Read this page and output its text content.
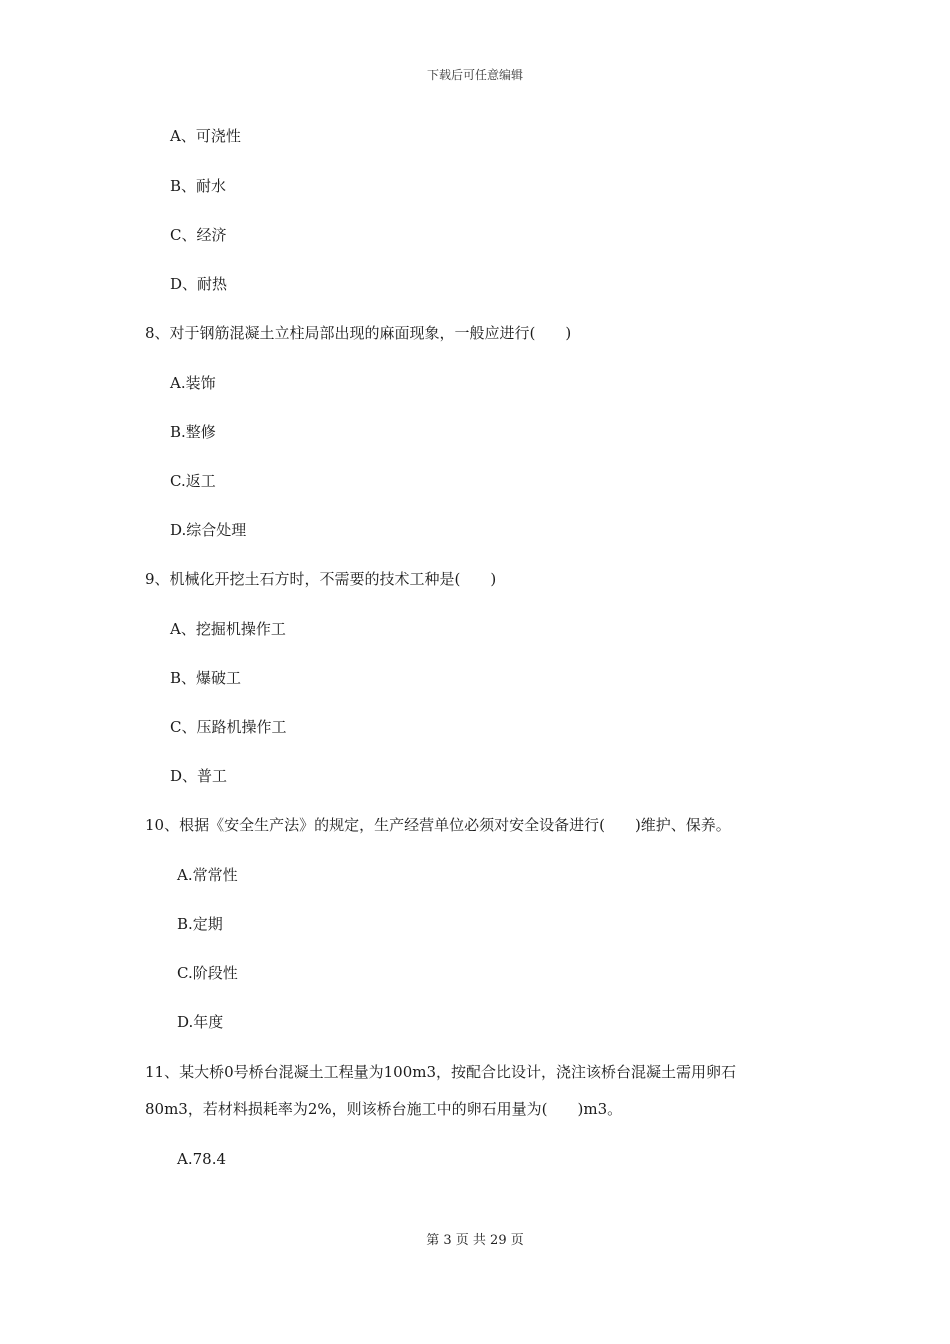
下载后可任意编辑
A、可浇性
B、耐水
C、经济
D、耐热
8、对于钢筋混凝土立柱局部出现的麻面现象，一般应进行(　　)
A.装饰
B.整修
C.返工
D.综合处理
9、机械化开挖土石方时，不需要的技术工种是(　　)
A、挖掘机操作工
B、爆破工
C、压路机操作工
D、普工
10、根据《安全生产法》的规定，生产经营单位必须对安全设备进行(　　)维护、保养。
A.常常性
B.定期
C.阶段性
D.年度
11、某大桥0号桥台混凝土工程量为100m3，按配合比设计，浇注该桥台混凝土需用卵石
80m3，若材料损耗率为2%，则该桥台施工中的卵石用量为(　　)m3。
A.78.4
第 3 页 共 29 页
